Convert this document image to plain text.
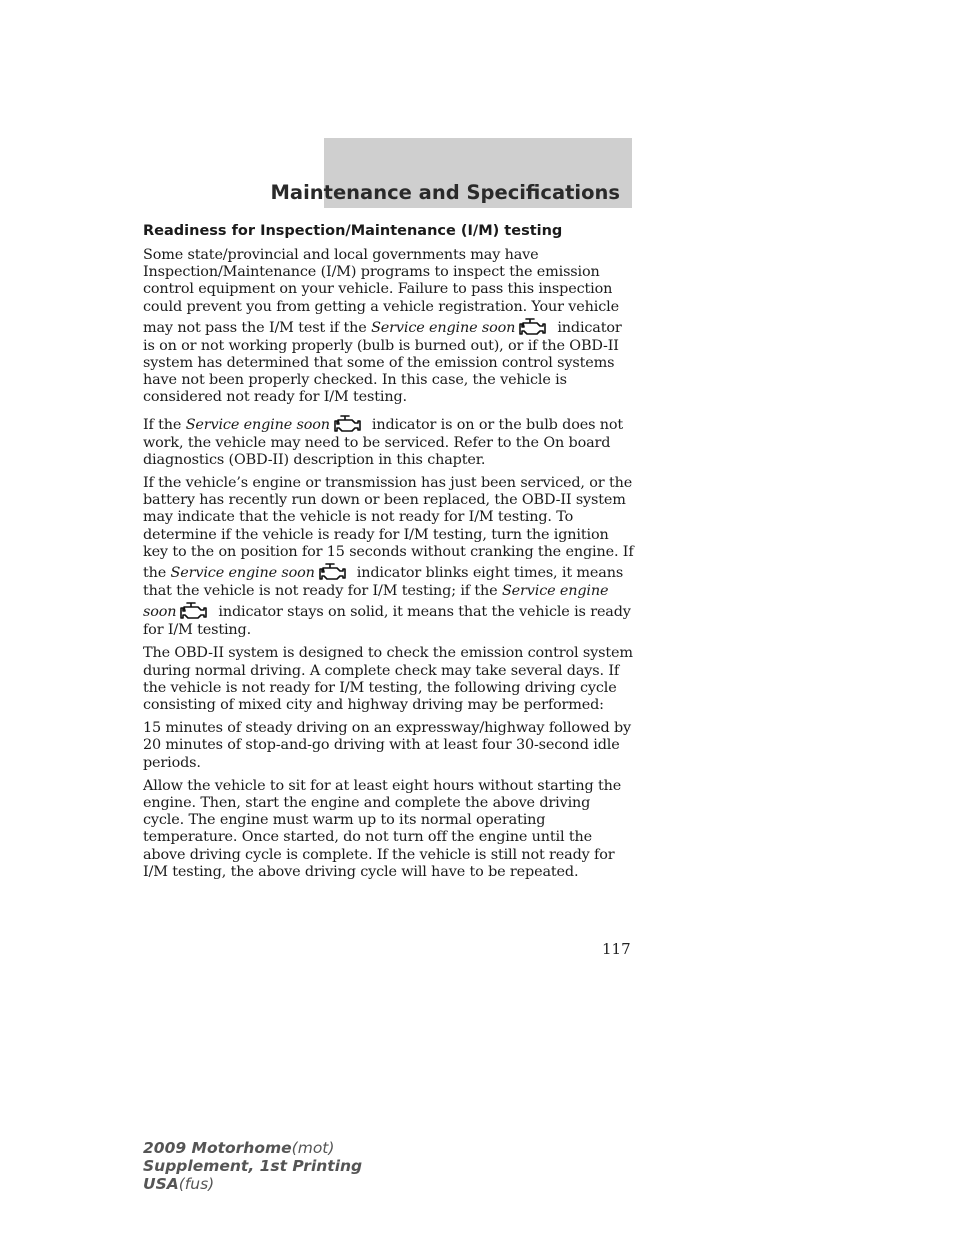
Maintenance and Specifications
Readiness for Inspection/Maintenance (I/M) testing

Some state/provincial and local governments may have Inspection/Maintenance (I/M) programs to inspect the emission control equipment on your vehicle. Failure to pass this inspection could prevent you from getting a vehicle registration. Your vehicle may not pass the I/M test if the Service engine soon	indicator is on or not working properly (bulb is burned out), or if the OBD-II system has determined that some of the emission control systems have not been properly checked. In this case, the vehicle is considered not ready for I/M testing.

If the Service engine soon	indicator is on or the bulb does not work, the vehicle may need to be serviced. Refer to the On board diagnostics (OBD-II) description in this chapter.

If the vehicle’s engine or transmission has just been serviced, or the battery has recently run down or been replaced, the OBD-II system may indicate that the vehicle is not ready for I/M testing. To determine if the vehicle is ready for I/M testing, turn the ignition key to the on position for 15 seconds without cranking the engine. If the Service engine soon	indicator blinks eight times, it means that the vehicle is not ready for I/M testing; if the Service engine soon	indicator stays on solid, it means that the vehicle is ready for I/M testing.

The OBD-II system is designed to check the emission control system during normal driving. A complete check may take several days. If the vehicle is not ready for I/M testing, the following driving cycle consisting of mixed city and highway driving may be performed:

15 minutes of steady driving on an expressway/highway followed by 20 minutes of stop-and-go driving with at least four 30-second idle periods.

Allow the vehicle to sit for at least eight hours without starting the engine. Then, start the engine and complete the above driving cycle. The engine must warm up to its normal operating temperature. Once started, do not turn off the engine until the above driving cycle is complete. If the vehicle is still not ready for I/M testing, the above driving cycle will have to be repeated.

117
2009 Motorhome(mot)
Supplement, 1st Printing
USA(fus)
